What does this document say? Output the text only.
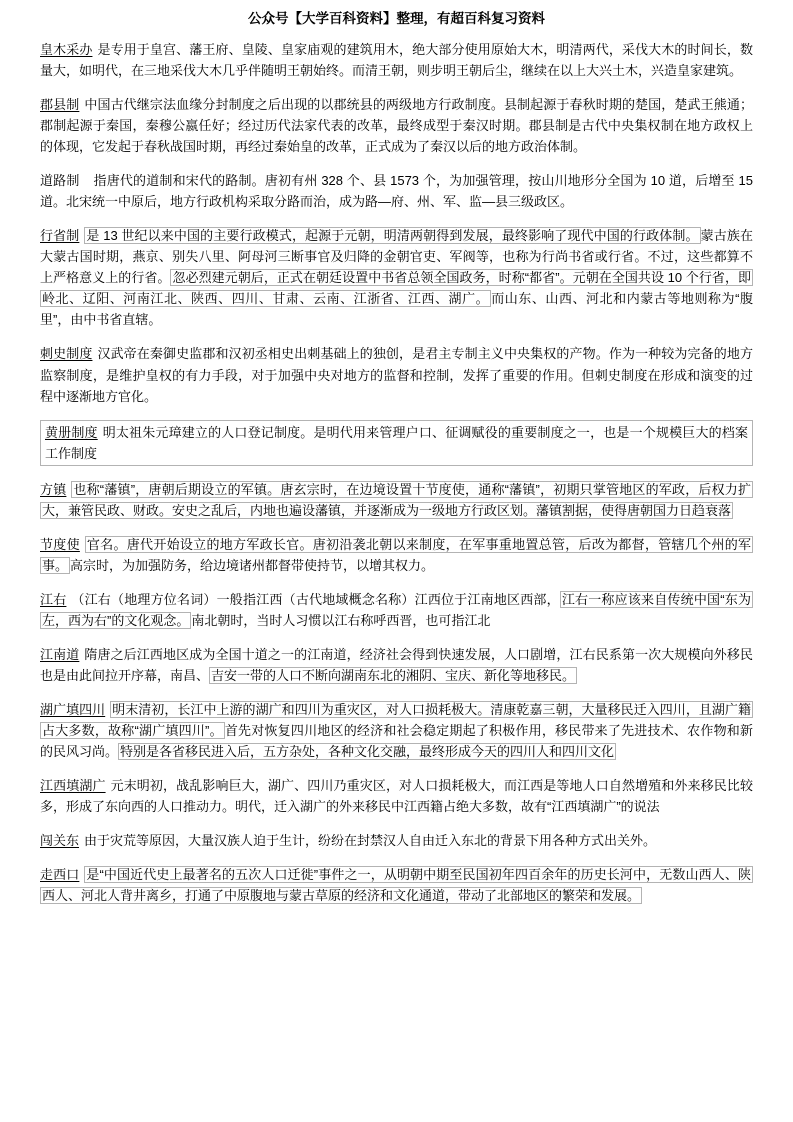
公众号【大学百科资料】整理，有超百科复习资料

皇木采办 是专用于皇宫、藩王府、皇陵、皇家庙观的建筑用木，绝大部分使用原始大木，明清两代，采伐大木的时间长，数量大，如明代，在三地采伐大木几乎伴随明王朝始终。而清王朝，则步明王朝后尘，继续在以上大兴土木，兴造皇家建筑。

郡县制 中国古代继宗法血缘分封制度之后出现的以郡统县的两级地方行政制度。县制起源于春秋时期的楚国，楚武王熊通；郡制起源于秦国，秦穆公嬴任好；经过历代法家代表的改革，最终成型于秦汉时期。郡县制是古代中央集权制在地方政权上的体现，它发起于春秋战国时期，再经过秦始皇的改革，正式成为了秦汉以后的地方政治体制。

道路制 指唐代的道制和宋代的路制。唐初有州 328 个、县 1573 个，为加强管理，按山川地形分全国为 10 道，后增至 15 道。北宋统一中原后，地方行政机构采取分路而治，成为路—府、州、军、监—县三级政区。

行省制 是 13 世纪以来中国的主要行政模式，起源于元朝，明清两朝得到发展，最终影响了现代中国的行政体制。 蒙古族在大蒙古国时期，燕京、别失八里、阿母河三断事官及归降的金朝官吏、军阀等，也称为行尚书省或行省。不过，这些都算不上严格意义上的行省。 忽必烈建元朝后，正式在朝廷设置中书省总领全国政务，时称“都省”。元朝在全国共设 10 个行省，即岭北、辽阳、河南江北、陕西、四川、甘肃、云南、江浙省、江西、湖广。 而山东、山西、河北和内蒙古等地则称为“腹里”，由中书省直辖。

刺史制度 汉武帝在秦御史监郡和汉初丞相史出刺基础上的独创，是君主专制主义中央集权的产物。作为一种较为完备的地方监察制度，是维护皇权的有力手段，对于加强中央对地方的监督和控制，发挥了重要的作用。但刺史制度在形成和演变的过程中逐渐地方官化。

黄册制度 明太祖朱元璋建立的人口登记制度。是明代用来管理户口、征调赋役的重要制度之一，也是一个规模巨大的档案工作制度

方镇 也称“藩镇”，唐朝后期设立的军镇。唐玄宗时，在边境设置十节度使，通称“藩镇”，初期只掌管地区的军政，后权力扩大，兼管民政、财政。安史之乱后，内地也遍设藩镇，并逐渐成为一级地方行政区划。藩镇割据，使得唐朝国力日趋衰落

节度使 官名。唐代开始设立的地方军政长官。唐初沿袭北朝以来制度，在军事重地置总管，后改为都督，管辖几个州的军事。 高宗时，为加强防务，给边境诸州都督带使持节，以增其权力。

江右 （江右（地理方位名词）一般指江西（古代地域概念名称）江西位于江南地区西部， 江右一称应该来自传统中国“东为左，西为右”的文化观念。 南北朝时，当时人习惯以江右称呼西晋，也可指江北

江南道 隋唐之后江西地区成为全国十道之一的江南道，经济社会得到快速发展，人口剧增，江右民系第一次大规模向外移民也是由此间拉开序幕，南昌、 吉安一带的人口不断向湖南东北的湘阴、宝庆、新化等地移民。

湖广填四川 明末清初，长江中上游的湖广和四川为重灾区，对人口损耗极大。清康乾嘉三朝，大量移民迁入四川，且湖广籍占大多数，故称“湖广填四川”。 首先对恢复四川地区的经济和社会稳定期起了积极作用，移民带来了先进技术、农作物和新的民风习尚。 特别是各省移民进入后，五方杂处，各种文化交融，最终形成今天的四川人和四川文化

江西填湖广 元末明初，战乱影响巨大，湖广、四川乃重灾区，对人口损耗极大，而江西是等地人口自然增殖和外来移民比较多，形成了东向西的人口推动力。明代，迁入湖广的外来移民中江西籍占绝大多数，故有“江西填湖广”的说法

闯关东 由于灾荒等原因，大量汉族人迫于生计，纷纷在封禁汉人自由迁入东北的背景下用各种方式出关外。

走西口 是“中国近代史上最著名的五次人口迁徙”事件之一，从明朝中期至民国初年四百余年的历史长河中，无数山西人、陕西人、河北人背井离乡，打通了中原腹地与蒙古草原的经济和文化通道，带动了北部地区的繁荣和发展。
